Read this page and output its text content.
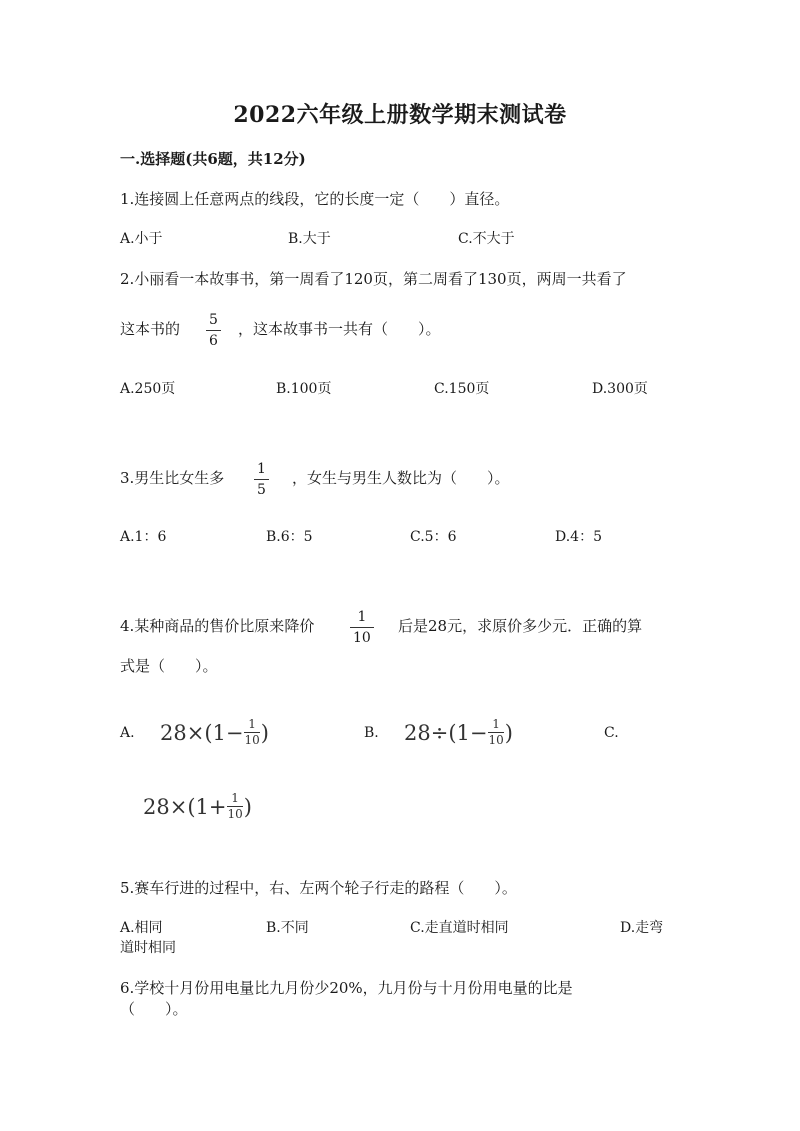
2022六年级上册数学期末测试卷
一.选择题(共6题，共12分)
1.连接圆上任意两点的线段，它的长度一定（　　）直径。
A.小于	B.大于	C.不大于
2.小丽看一本故事书，第一周看了120页，第二周看了130页，两周一共看了
这本书的 5
6
，这本故事书一共有（　　）。
A.250页	B.100页	C.150页	D.300页
3.男生比女生多 1
5
，女生与男生人数比为（　　）。
A.1：6	B.6：5	C.5：6	D.4：5
4.某种商品的售价比原来降价	1
10
后是28元，求原价多少元．正确的算
式是（　　）。
A. 28×(1− 1
10 )	B. 28÷(1− 1
10 )	C.
28×(1+ 1
10 )
5.赛车行进的过程中，右、左两个轮子行走的路程（　　）。
A.相同	B.不同	C.走直道时相同	D.走弯
道时相同
6.学校十月份用电量比九月份少20%，九月份与十月份用电量的比是
（　　）。
